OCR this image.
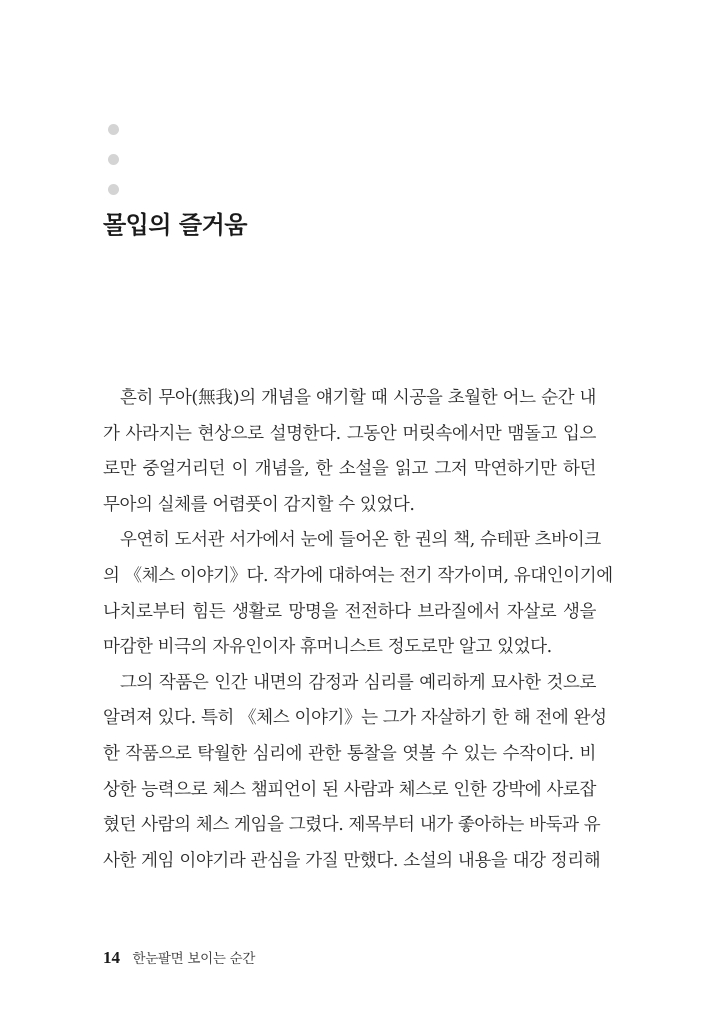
몰입의 즐거움
흔히 무아(無我)의 개념을 얘기할 때 시공을 초월한 어느 순간 내
가 사라지는 현상으로 설명한다. 그동안 머릿속에서만 맴돌고 입으
로만 중얼거리던 이 개념을, 한 소설을 읽고 그저 막연하기만 하던
무아의 실체를 어렴풋이 감지할 수 있었다.
우연히 도서관 서가에서 눈에 들어온 한 권의 책, 슈테판 츠바이크
의 《체스 이야기》다. 작가에 대하여는 전기 작가이며, 유대인이기에
나치로부터 힘든 생활로 망명을 전전하다 브라질에서 자살로 생을
마감한 비극의 자유인이자 휴머니스트 정도로만 알고 있었다.
그의 작품은 인간 내면의 감정과 심리를 예리하게 묘사한 것으로
알려져 있다. 특히 《체스 이야기》는 그가 자살하기 한 해 전에 완성
한 작품으로 탁월한 심리에 관한 통찰을 엿볼 수 있는 수작이다. 비
상한 능력으로 체스 챔피언이 된 사람과 체스로 인한 강박에 사로잡
혔던 사람의 체스 게임을 그렸다. 제목부터 내가 좋아하는 바둑과 유
사한 게임 이야기라 관심을 가질 만했다. 소설의 내용을 대강 정리해
14 한눈팔면 보이는 순간
